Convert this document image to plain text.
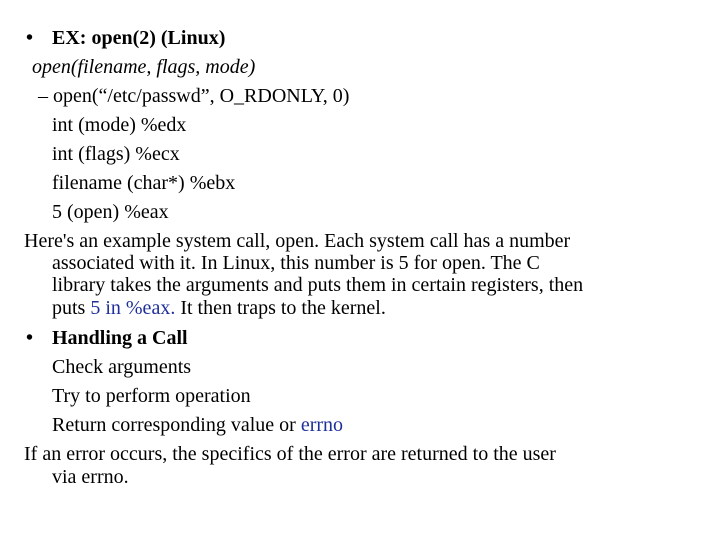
• EX: open(2) (Linux)
open(filename, flags, mode)
– open(“/etc/passwd”, O_RDONLY, 0)
int (mode) %edx
int (flags) %ecx
filename (char*) %ebx
5 (open) %eax
Here's an example system call, open. Each system call has a number
associated with it. In Linux, this number is 5 for open. The C
library takes the arguments and puts them in certain registers, then
puts 5 in %eax. It then traps to the kernel.
• Handling a Call
Check arguments
Try to perform operation
Return corresponding value or errno
If an error occurs, the specifics of the error are returned to the user
via errno.
